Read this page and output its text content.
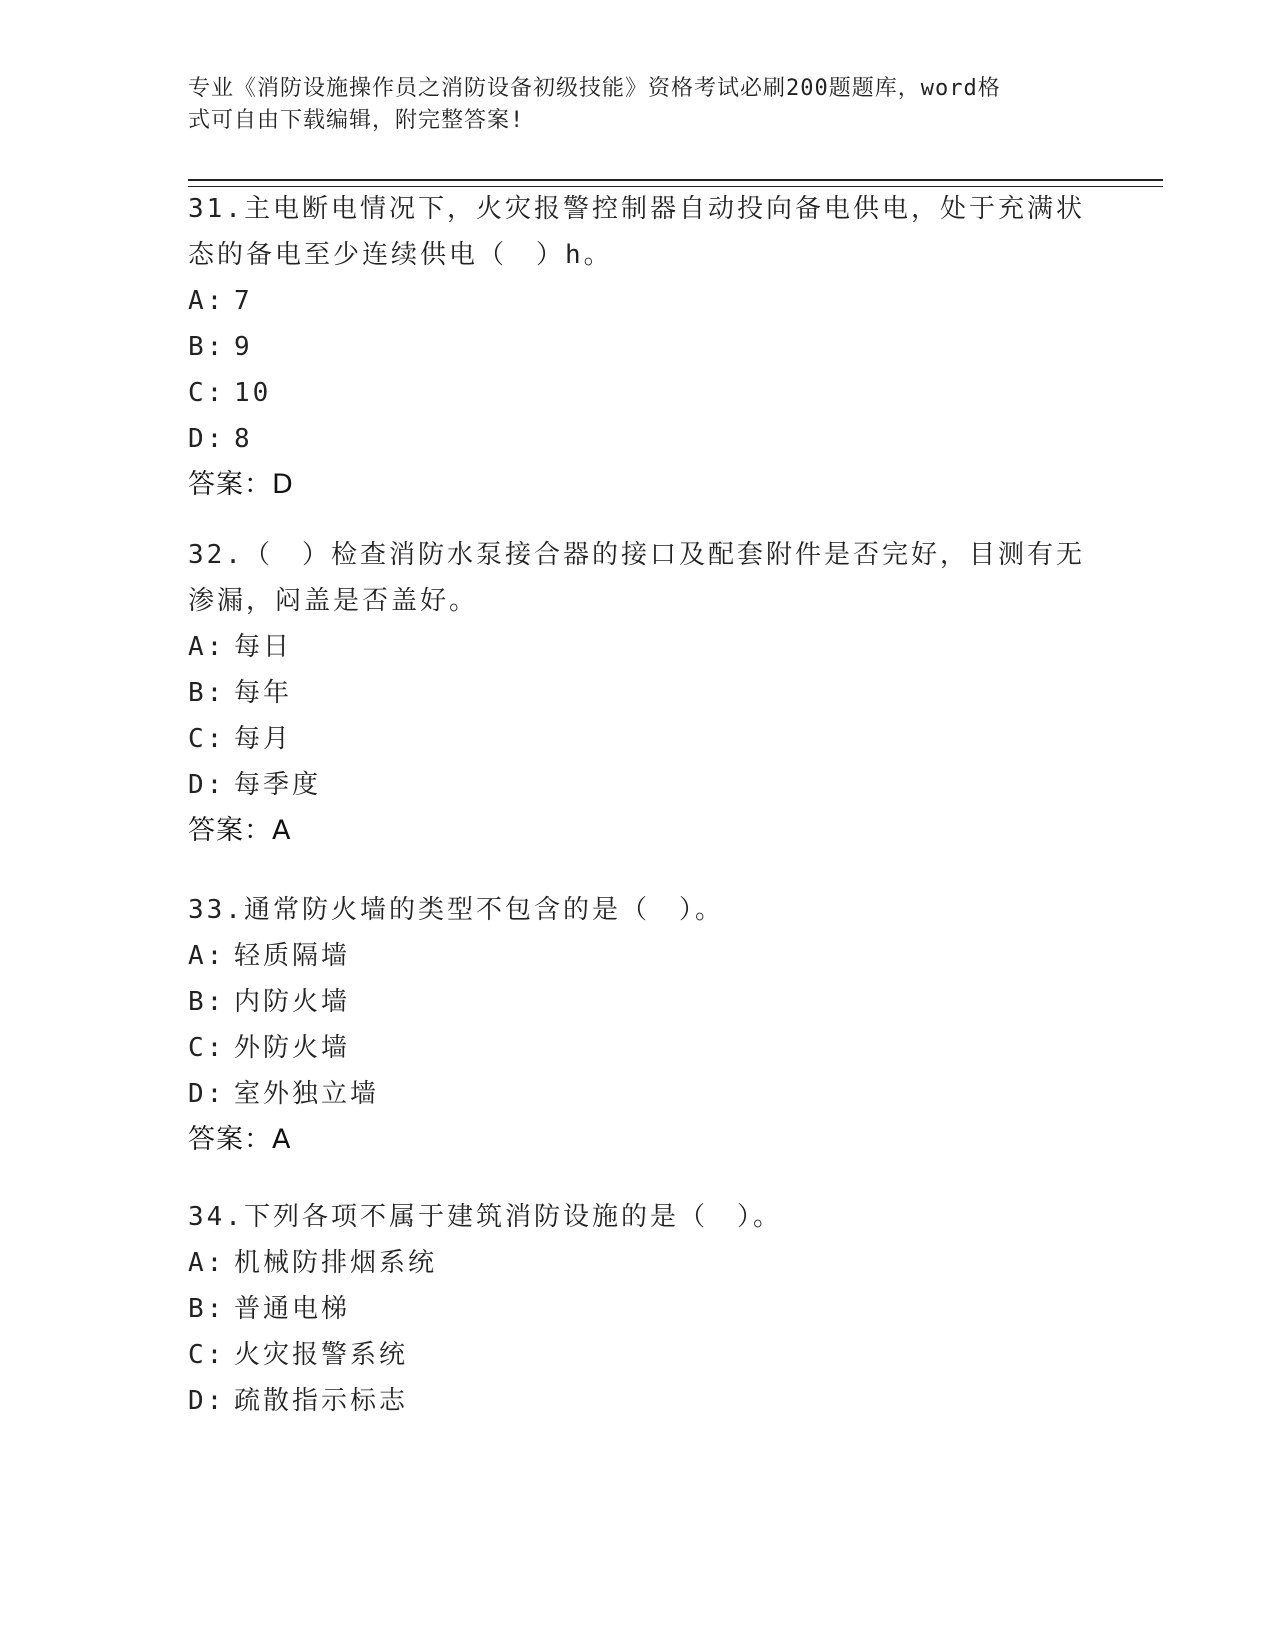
专业《消防设施操作员之消防设备初级技能》资格考试必刷200题题库，word格
式可自由下载编辑，附完整答案!
31.主电断电情况下，火灾报警控制器自动投向备电供电，处于充满状
态的备电至少连续供电（　）h。
A :	7
B :	9
C :	10
D :	8
答案：D
32.（　）检查消防水泵接合器的接口及配套附件是否完好，目测有无
渗漏，闷盖是否盖好。
A :	每日
B :	每年
C :	每月
D :	每季度
答案：A
33.通常防火墙的类型不包含的是（　）。
A :	轻质隔墙
B :	内防火墙
C :	外防火墙
D :	室外独立墙
答案：A
34.下列各项不属于建筑消防设施的是（　）。
A :	机械防排烟系统
B :	普通电梯
C :	火灾报警系统
D :	疏散指示标志
